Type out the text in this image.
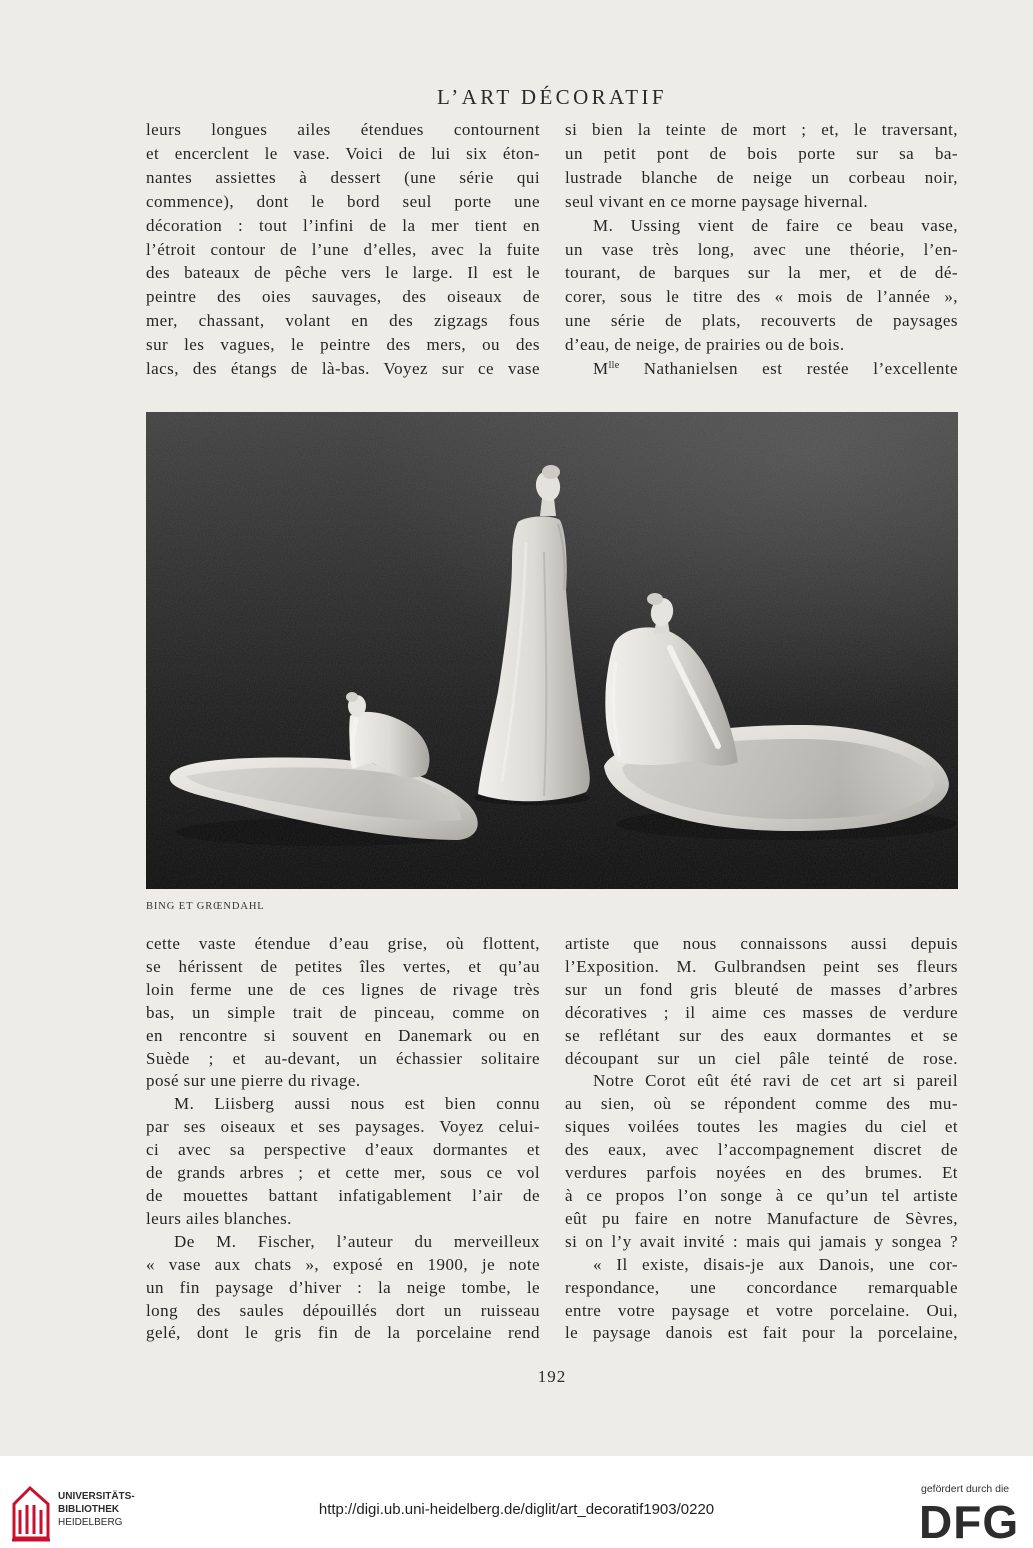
L’ART DÉCORATIF
leurs longues ailes étendues contournent
et encerclent le vase. Voici de lui six éton-
nantes assiettes à dessert (une série qui
commence), dont le bord seul porte une
décoration : tout l’infini de la mer tient en
l’étroit contour de l’une d’elles, avec la fuite
des bateaux de pêche vers le large. Il est le
peintre des oies sauvages, des oiseaux de
mer, chassant, volant en des zigzags fous
sur les vagues, le peintre des mers, ou des
lacs, des étangs de là-bas. Voyez sur ce vase
si bien la teinte de mort ; et, le traversant,
un petit pont de bois porte sur sa ba-
lustrade blanche de neige un corbeau noir,
seul vivant en ce morne paysage hivernal.
M. Ussing vient de faire ce beau vase,
un vase très long, avec une théorie, l’en-
tourant, de barques sur la mer, et de dé-
corer, sous le titre des « mois de l’année »,
une série de plats, recouverts de paysages
d’eau, de neige, de prairies ou de bois.
$M^{lle}$ Nathanielsen est restée l’excellente
BING ET GRŒNDAHL
cette vaste étendue d’eau grise, où flottent,
se hérissent de petites îles vertes, et qu’au
loin ferme une de ces lignes de rivage très
bas, un simple trait de pinceau, comme on
en rencontre si souvent en Danemark ou en
Suède ; et au-devant, un échassier solitaire
posé sur une pierre du rivage.
M. Liisberg aussi nous est bien connu
par ses oiseaux et ses paysages. Voyez celui-
ci avec sa perspective d’eaux dormantes et
de grands arbres ; et cette mer, sous ce vol
de mouettes battant infatigablement l’air de
leurs ailes blanches.
De M. Fischer, l’auteur du merveilleux
« vase aux chats », exposé en 1900, je note
un fin paysage d’hiver : la neige tombe, le
long des saules dépouillés dort un ruisseau
gelé, dont le gris fin de la porcelaine rend
artiste que nous connaissons aussi depuis
l’Exposition. M. Gulbrandsen peint ses fleurs
sur un fond gris bleuté de masses d’arbres
décoratives ; il aime ces masses de verdure
se reflétant sur des eaux dormantes et se
découpant sur un ciel pâle teinté de rose.
Notre Corot eût été ravi de cet art si pareil
au sien, où se répondent comme des mu-
siques voilées toutes les magies du ciel et
des eaux, avec l’accompagnement discret de
verdures parfois noyées en des brumes. Et
à ce propos l’on songe à ce qu’un tel artiste
eût pu faire en notre Manufacture de Sèvres,
si on l’y avait invité : mais qui jamais y songea ?
« Il existe, disais-je aux Danois, une cor-
respondance, une concordance remarquable
entre votre paysage et votre porcelaine. Oui,
le paysage danois est fait pour la porcelaine,
192
UNIVERSITÄTS-
BIBLIOTHEK
HEIDELBERG
http://digi.ub.uni-heidelberg.de/diglit/art_decoratif1903/0220
gefördert durch die
DFG
